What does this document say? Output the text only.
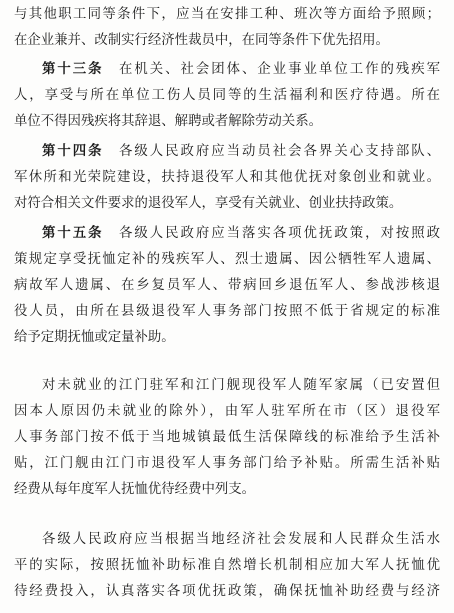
与其他职工同等条件下，应当在安排工种、班次等方面给予照顾；
在企业兼并、改制实行经济性裁员中，在同等条件下优先招用。
第十三条　 在机关、社会团体、企业事业单位工作的残疾军
人，享受与所在单位工伤人员同等的生活福利和医疗待遇。所在
单位不得因残疾将其辞退、解聘或者解除劳动关系。
第十四条　 各级人民政府应当动员社会各界关心支持部队、
军休所和光荣院建设，扶持退役军人和其他优抚对象创业和就业。
对符合相关文件要求的退役军人，享受有关就业、创业扶持政策。
第十五条　 各级人民政府应当落实各项优抚政策，对按照政
策规定享受抚恤定补的残疾军人、烈士遗属、因公牺牲军人遗属、
病故军人遗属、在乡复员军人、带病回乡退伍军人、参战涉核退
役人员，由所在县级退役军人事务部门按照不低于省规定的标准
给予定期抚恤或定量补助。
对未就业的江门驻军和江门舰现役军人随军家属（已安置但
因本人原因仍未就业的除外），由军人驻军所在市（区）退役军
人事务部门按不低于当地城镇最低生活保障线的标准给予生活补
贴，江门舰由江门市退役军人事务部门给予补贴。所需生活补贴
经费从每年度军人抚恤优待经费中列支。
各级人民政府应当根据当地经济社会发展和人民群众生活水
平的实际，按照抚恤补助标准自然增长机制相应加大军人抚恤优
待经费投入，认真落实各项优抚政策，确保抚恤补助经费与经济
